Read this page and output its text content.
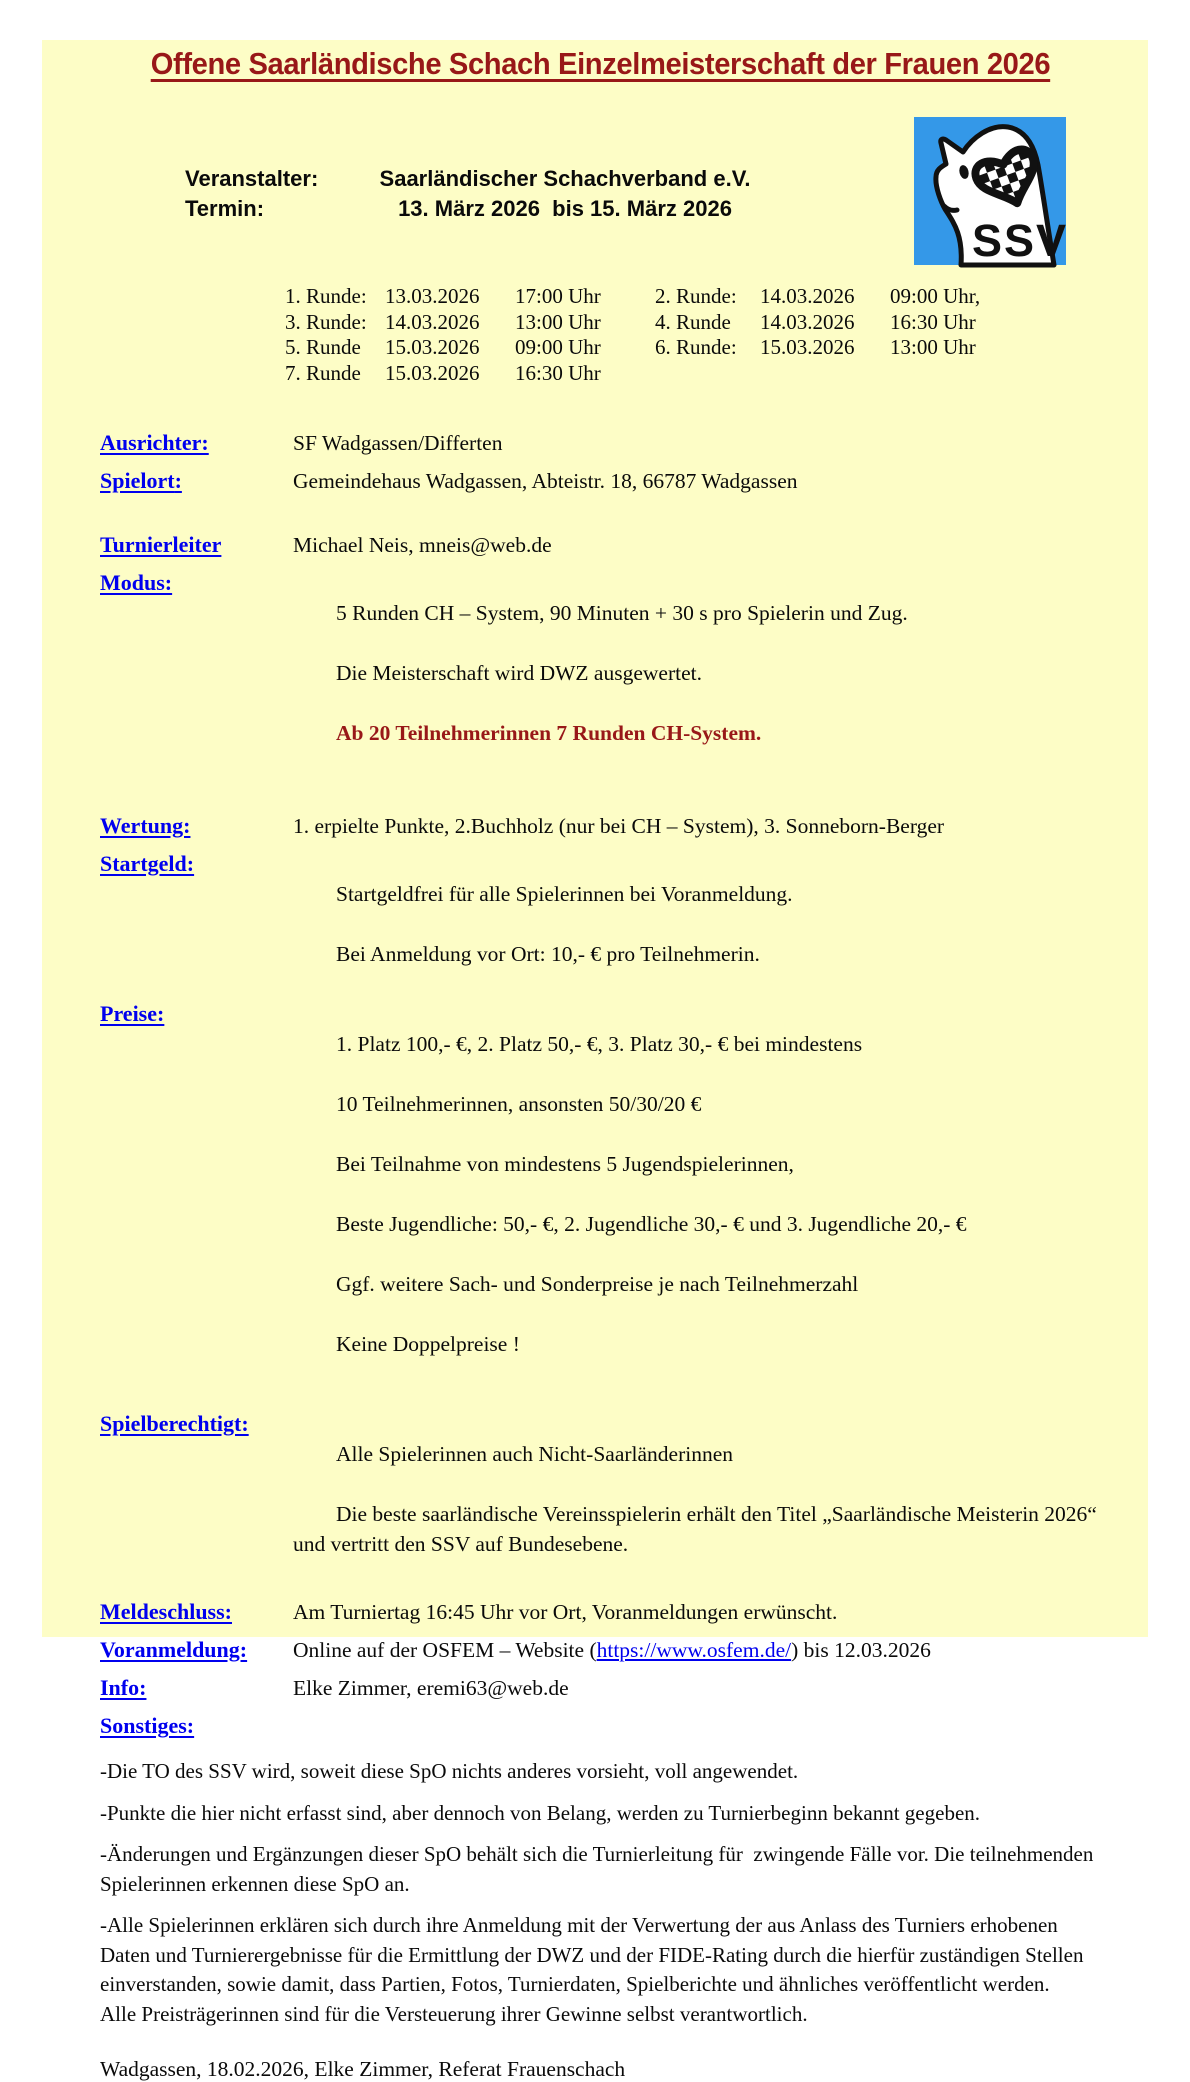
Offene Saarländische Schach Einzelmeisterschaft der Frauen 2026
Veranstalter:	Saarländischer Schachverband e.V.
Termin:	13. März 2026  bis 15. März 2026
SSV
1. Runde: 13.03.2026	17:00 Uhr	2. Runde:	14.03.2026	09:00 Uhr,
3. Runde: 14.03.2026	13:00 Uhr	4. Runde	14.03.2026	16:30 Uhr
5. Runde	15.03.2026	09:00 Uhr	6. Runde:	15.03.2026	13:00 Uhr
7. Runde	15.03.2026	16:30 Uhr
Ausrichter:	SF Wadgassen/Differten
Spielort:	Gemeindehaus Wadgassen, Abteistr. 18, 66787 Wadgassen
Turnierleiter	Michael Neis, mneis@web.de
Modus:

5 Runden CH – System, 90 Minuten + 30 s pro Spielerin und Zug.

Die Meisterschaft wird DWZ ausgewertet.

Ab 20 Teilnehmerinnen 7 Runden CH-System.

Wertung:	1. erpielte Punkte, 2.Buchholz (nur bei CH – System), 3. Sonneborn-Berger
Startgeld:

Startgeldfrei für alle Spielerinnen bei Voranmeldung.

Bei Anmeldung vor Ort: 10,- € pro Teilnehmerin.

Preise:

1. Platz 100,- €, 2. Platz 50,- €, 3. Platz 30,- € bei mindestens

10 Teilnehmerinnen, ansonsten 50/30/20 €

Bei Teilnahme von mindestens 5 Jugendspielerinnen,

Beste Jugendliche: 50,- €, 2. Jugendliche 30,- € und 3. Jugendliche 20,- €

Ggf. weitere Sach- und Sonderpreise je nach Teilnehmerzahl

Keine Doppelpreise !

Spielberechtigt:

Alle Spielerinnen auch Nicht-Saarländerinnen

Die beste saarländische Vereinsspielerin erhält den Titel „Saarländische Meisterin 2026“ und vertritt den SSV auf Bundesebene.

Meldeschluss:	Am Turniertag 16:45 Uhr vor Ort, Voranmeldungen erwünscht.
Voranmeldung:	Online auf der OSFEM – Website (https://www.osfem.de/) bis 12.03.2026
Info:	Elke Zimmer, eremi63@web.de
Sonstiges:

-Die TO des SSV wird, soweit diese SpO nichts anderes vorsieht, voll angewendet.

-Punkte die hier nicht erfasst sind, aber dennoch von Belang, werden zu Turnierbeginn bekannt gegeben.

-Änderungen und Ergänzungen dieser SpO behält sich die Turnierleitung für  zwingende Fälle vor. Die teilnehmenden Spielerinnen erkennen diese SpO an.

-Alle Spielerinnen erklären sich durch ihre Anmeldung mit der Verwertung der aus Anlass des Turniers erhobenen Daten und Turnierergebnisse für die Ermittlung der DWZ und der FIDE-Rating durch die hierfür zuständigen Stellen einverstanden, sowie damit, dass Partien, Fotos, Turnierdaten, Spielberichte und ähnliches veröffentlicht werden.

Alle Preisträgerinnen sind für die Versteuerung ihrer Gewinne selbst verantwortlich.

Wadgassen, 18.02.2026, Elke Zimmer, Referat Frauenschach
